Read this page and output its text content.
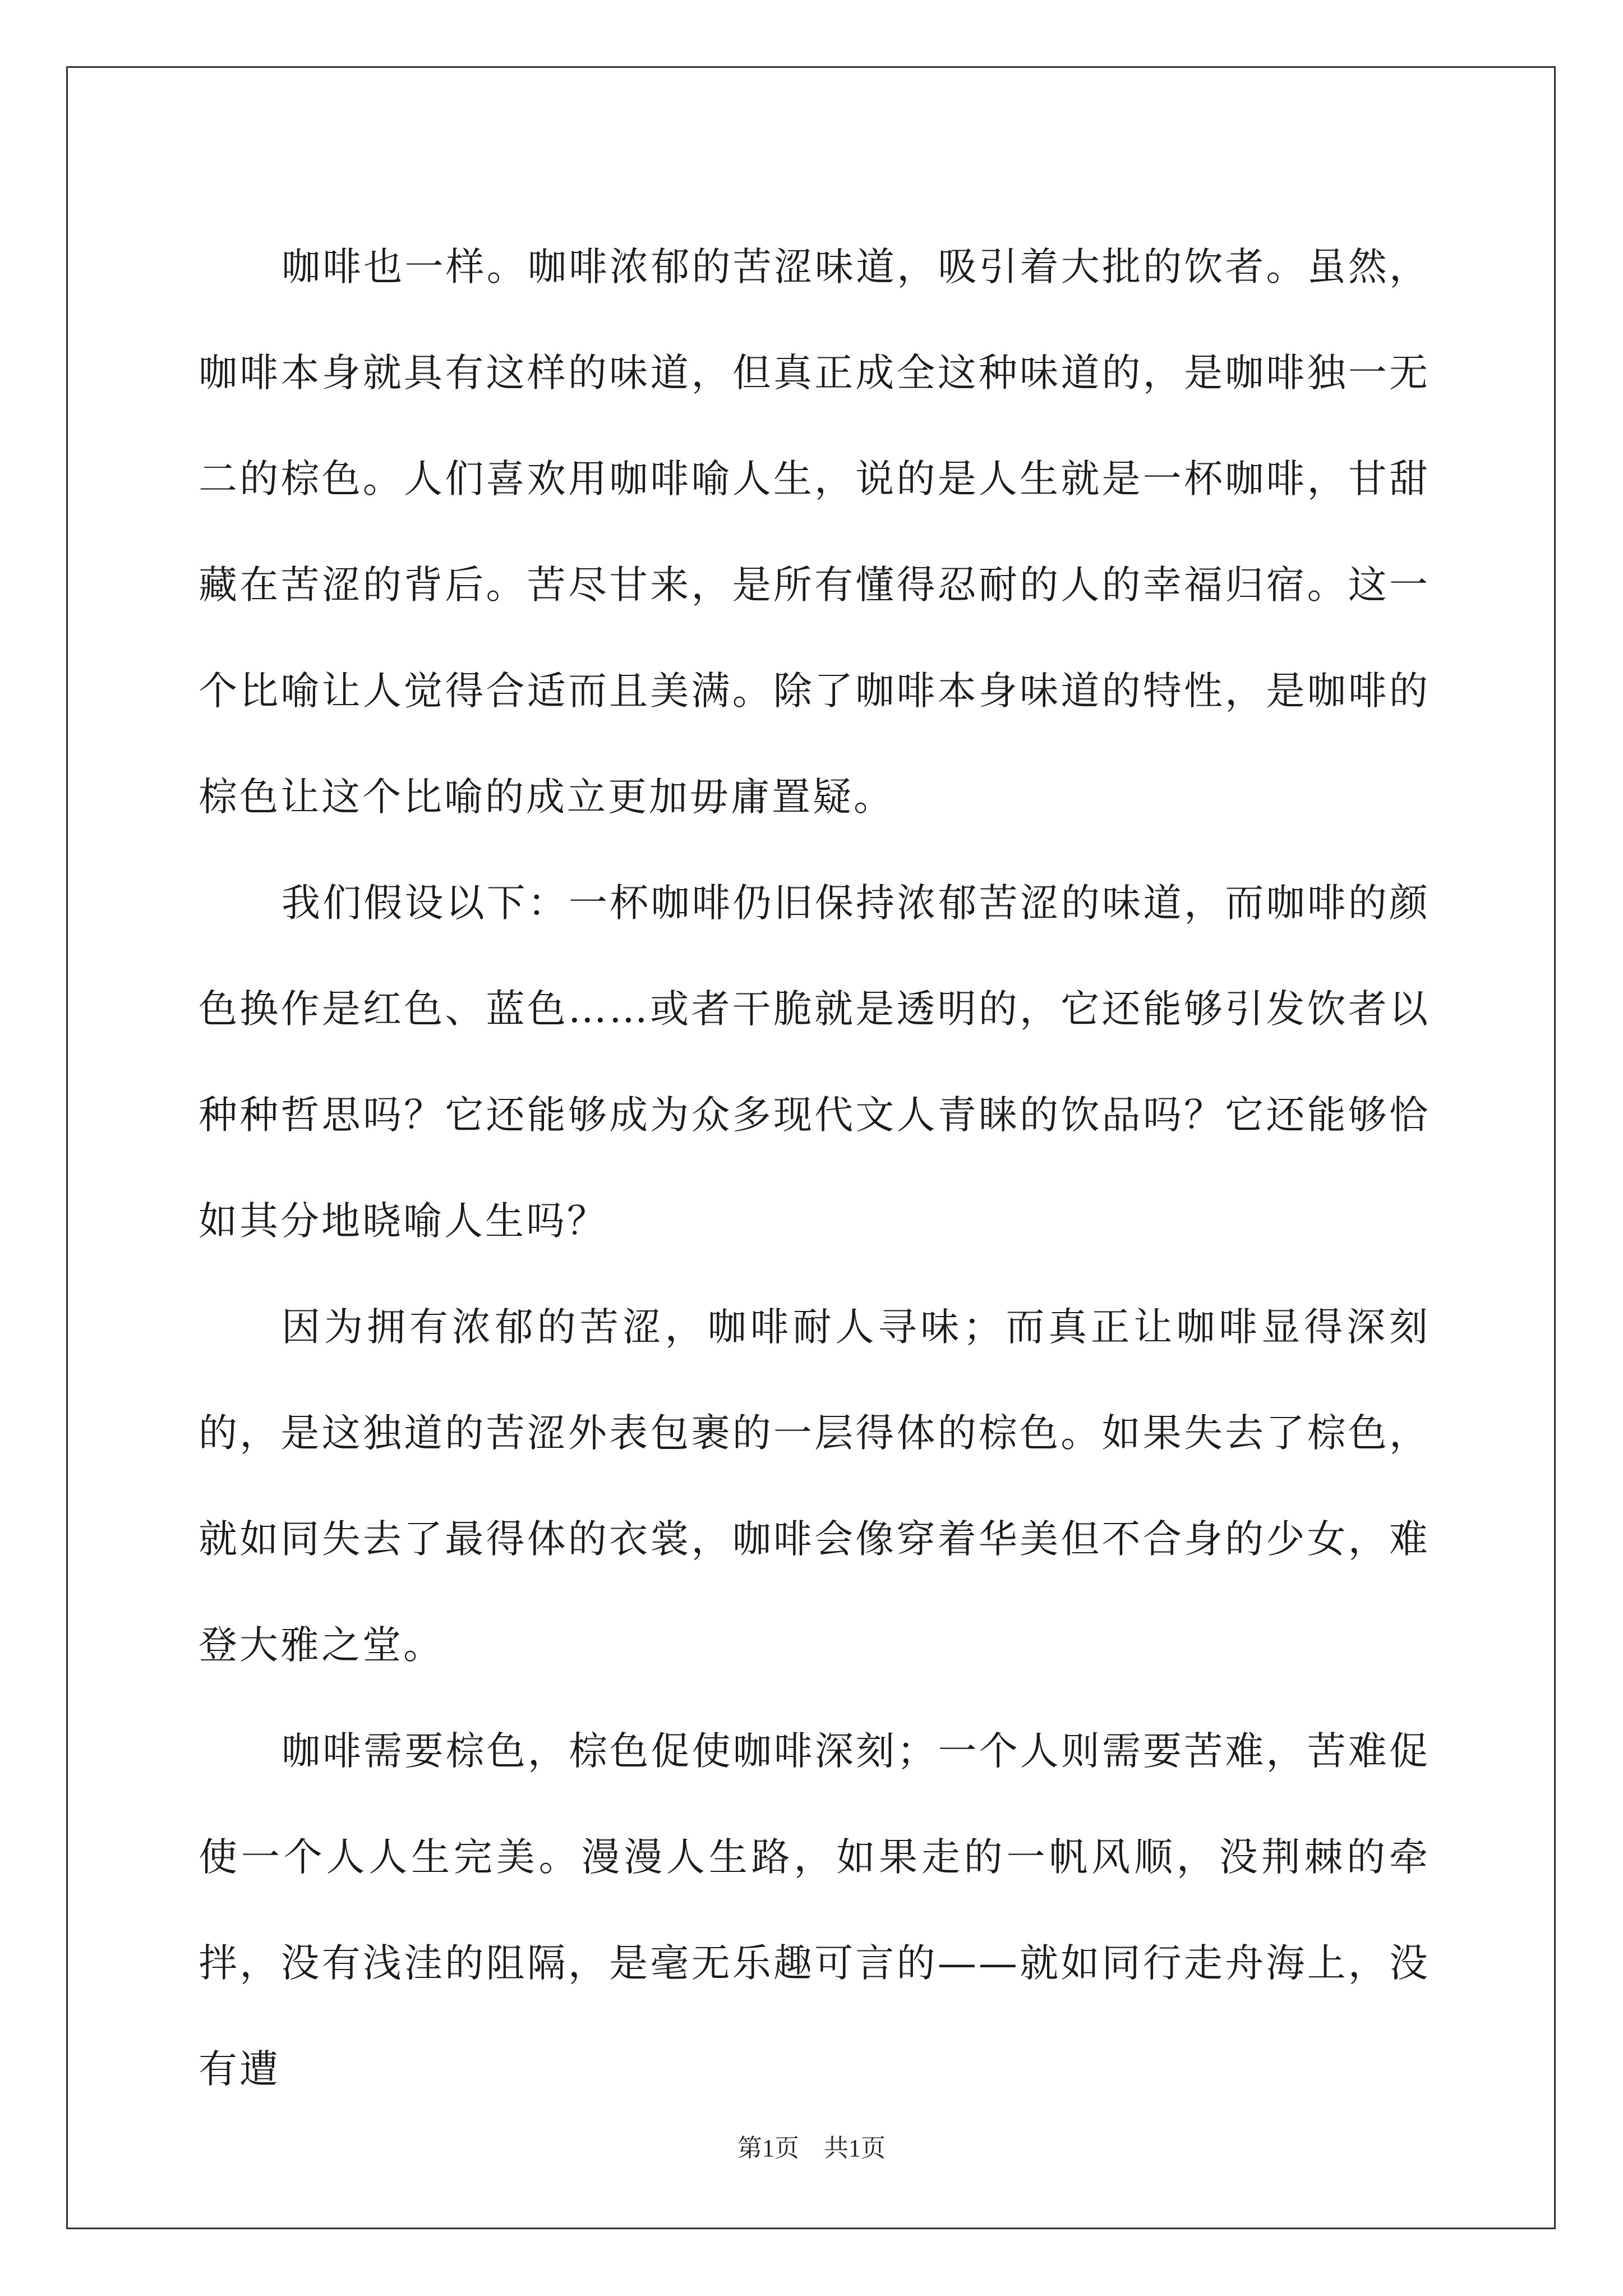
咖啡也一样。咖啡浓郁的苦涩味道，吸引着大批的饮者。虽然，咖啡本身就具有这样的味道，但真正成全这种味道的，是咖啡独一无二的棕色。人们喜欢用咖啡喻人生，说的是人生就是一杯咖啡，甘甜藏在苦涩的背后。苦尽甘来，是所有懂得忍耐的人的幸福归宿。这一个比喻让人觉得合适而且美满。除了咖啡本身味道的特性，是咖啡的棕色让这个比喻的成立更加毋庸置疑。

我们假设以下：一杯咖啡仍旧保持浓郁苦涩的味道，而咖啡的颜色换作是红色、蓝色……或者干脆就是透明的，它还能够引发饮者以种种哲思吗？它还能够成为众多现代文人青睐的饮品吗？它还能够恰如其分地晓喻人生吗？

因为拥有浓郁的苦涩，咖啡耐人寻味；而真正让咖啡显得深刻的，是这独道的苦涩外表包裹的一层得体的棕色。如果失去了棕色，就如同失去了最得体的衣裳，咖啡会像穿着华美但不合身的少女，难登大雅之堂。

咖啡需要棕色，棕色促使咖啡深刻；一个人则需要苦难，苦难促使一个人人生完美。漫漫人生路，如果走的一帆风顺，没荆棘的牵拌，没有浅洼的阻隔，是毫无乐趣可言的——就如同行走舟海上，没有遭

第1页 共1页
